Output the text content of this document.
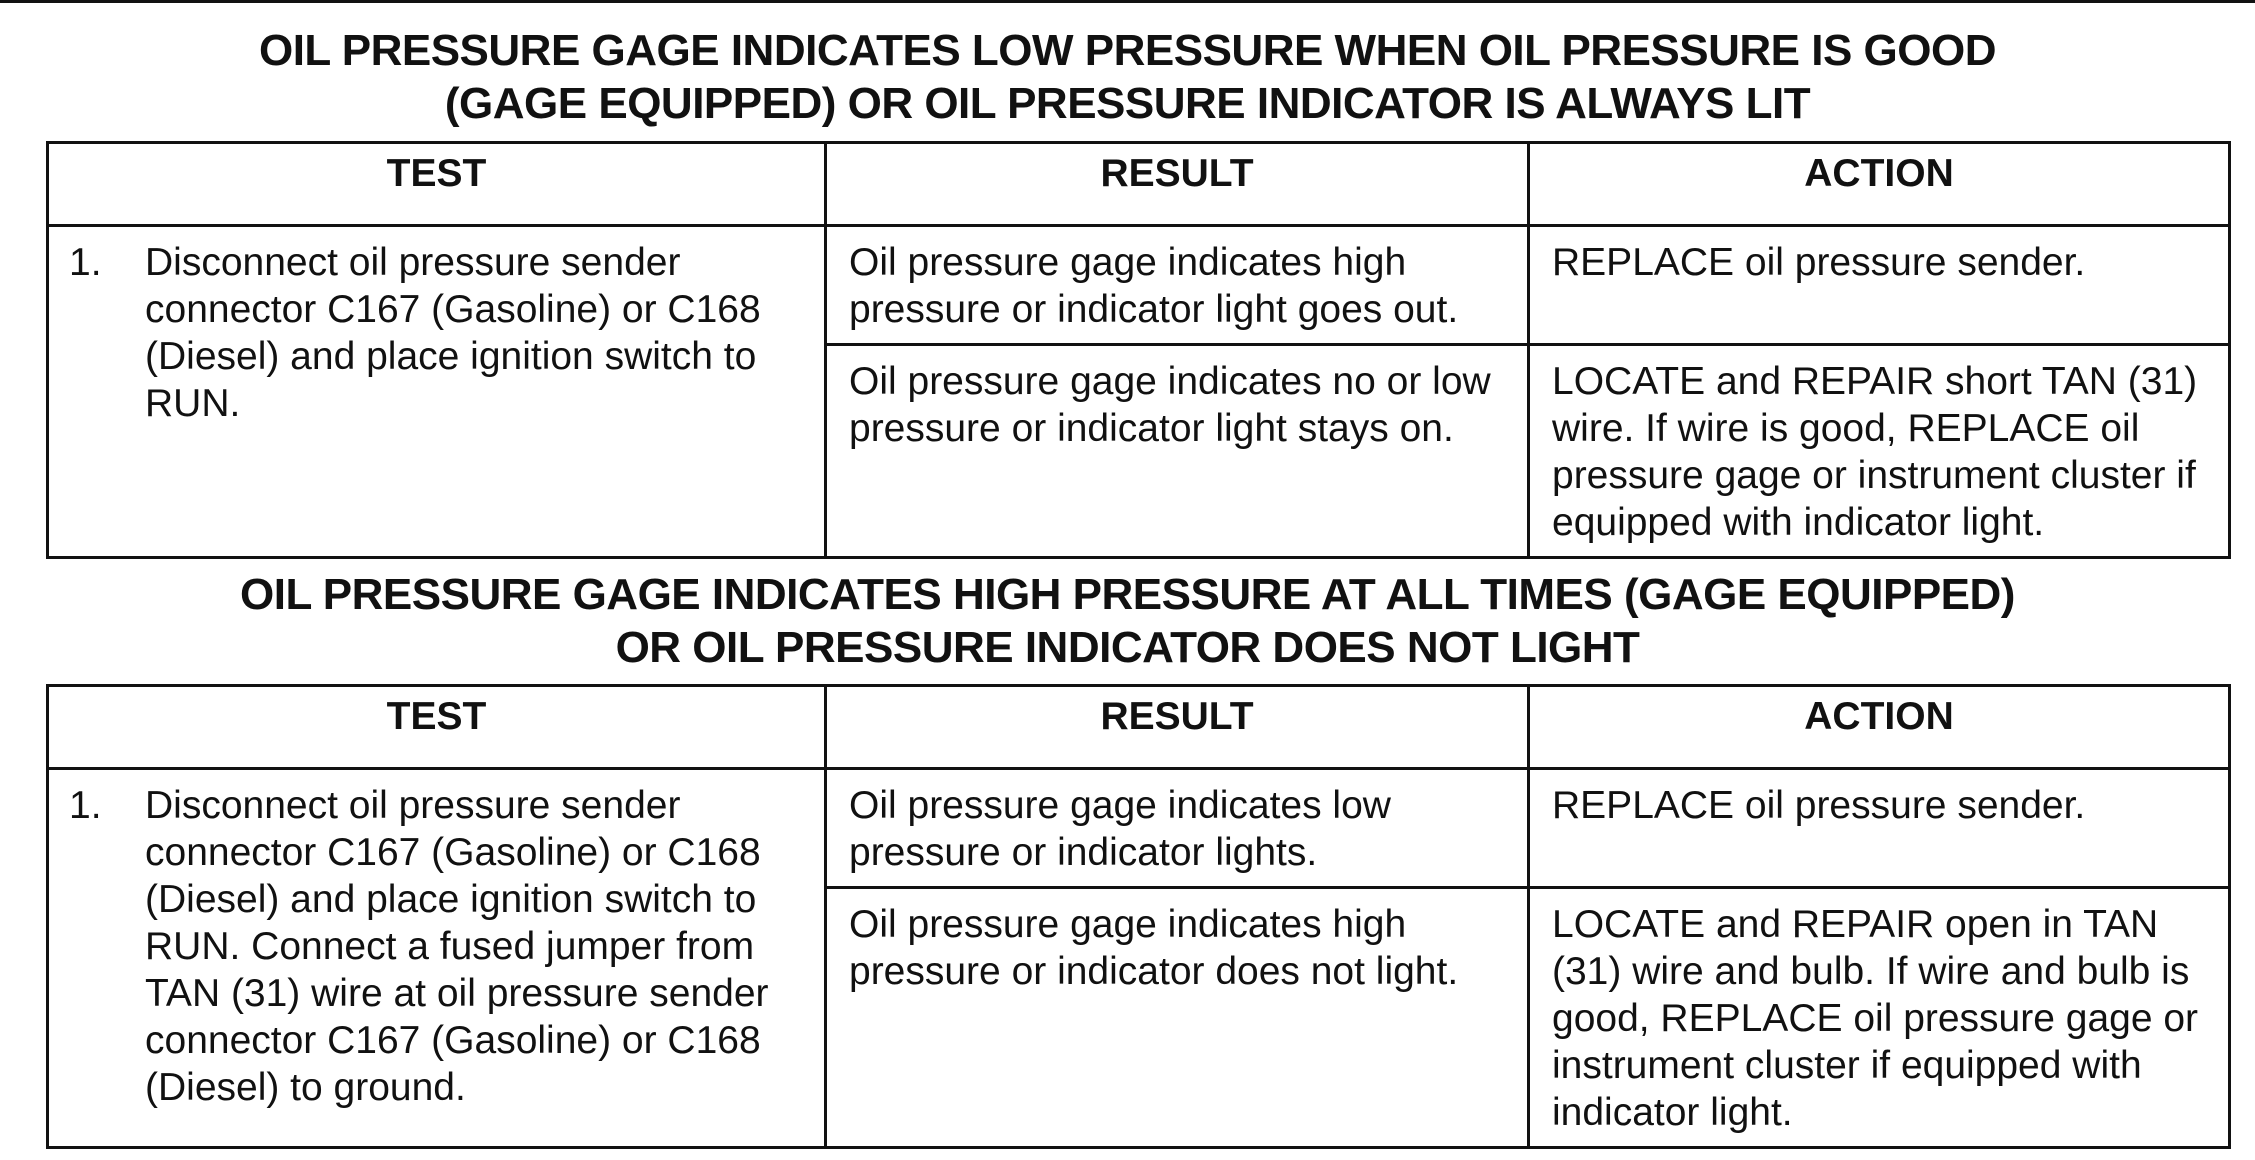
OIL PRESSURE GAGE INDICATES LOW PRESSURE WHEN OIL PRESSURE IS GOOD
(GAGE EQUIPPED) OR OIL PRESSURE INDICATOR IS ALWAYS LIT
TEST	RESULT	ACTION

1. Disconnect oil pressure sender connector C167 (Gasoline) or C168 (Diesel) and place ignition switch to RUN.	Oil pressure gage indicates high pressure or indicator light goes out.	REPLACE oil pressure sender.
	Oil pressure gage indicates no or low pressure or indicator light stays on.	LOCATE and REPAIR short TAN (31) wire. If wire is good, REPLACE oil pressure gage or instrument cluster if equipped with indicator light.
OIL PRESSURE GAGE INDICATES HIGH PRESSURE AT ALL TIMES (GAGE EQUIPPED)
OR OIL PRESSURE INDICATOR DOES NOT LIGHT
TEST	RESULT	ACTION

1. Disconnect oil pressure sender connector C167 (Gasoline) or C168 (Diesel) and place ignition switch to RUN. Connect a fused jumper from TAN (31) wire at oil pressure sender connector C167 (Gasoline) or C168 (Diesel) to ground.	Oil pressure gage indicates low pressure or indicator lights.	REPLACE oil pressure sender.
	Oil pressure gage indicates high pressure or indicator does not light.	LOCATE and REPAIR open in TAN (31) wire and bulb. If wire and bulb is good, REPLACE oil pressure gage or instrument cluster if equipped with indicator light.
